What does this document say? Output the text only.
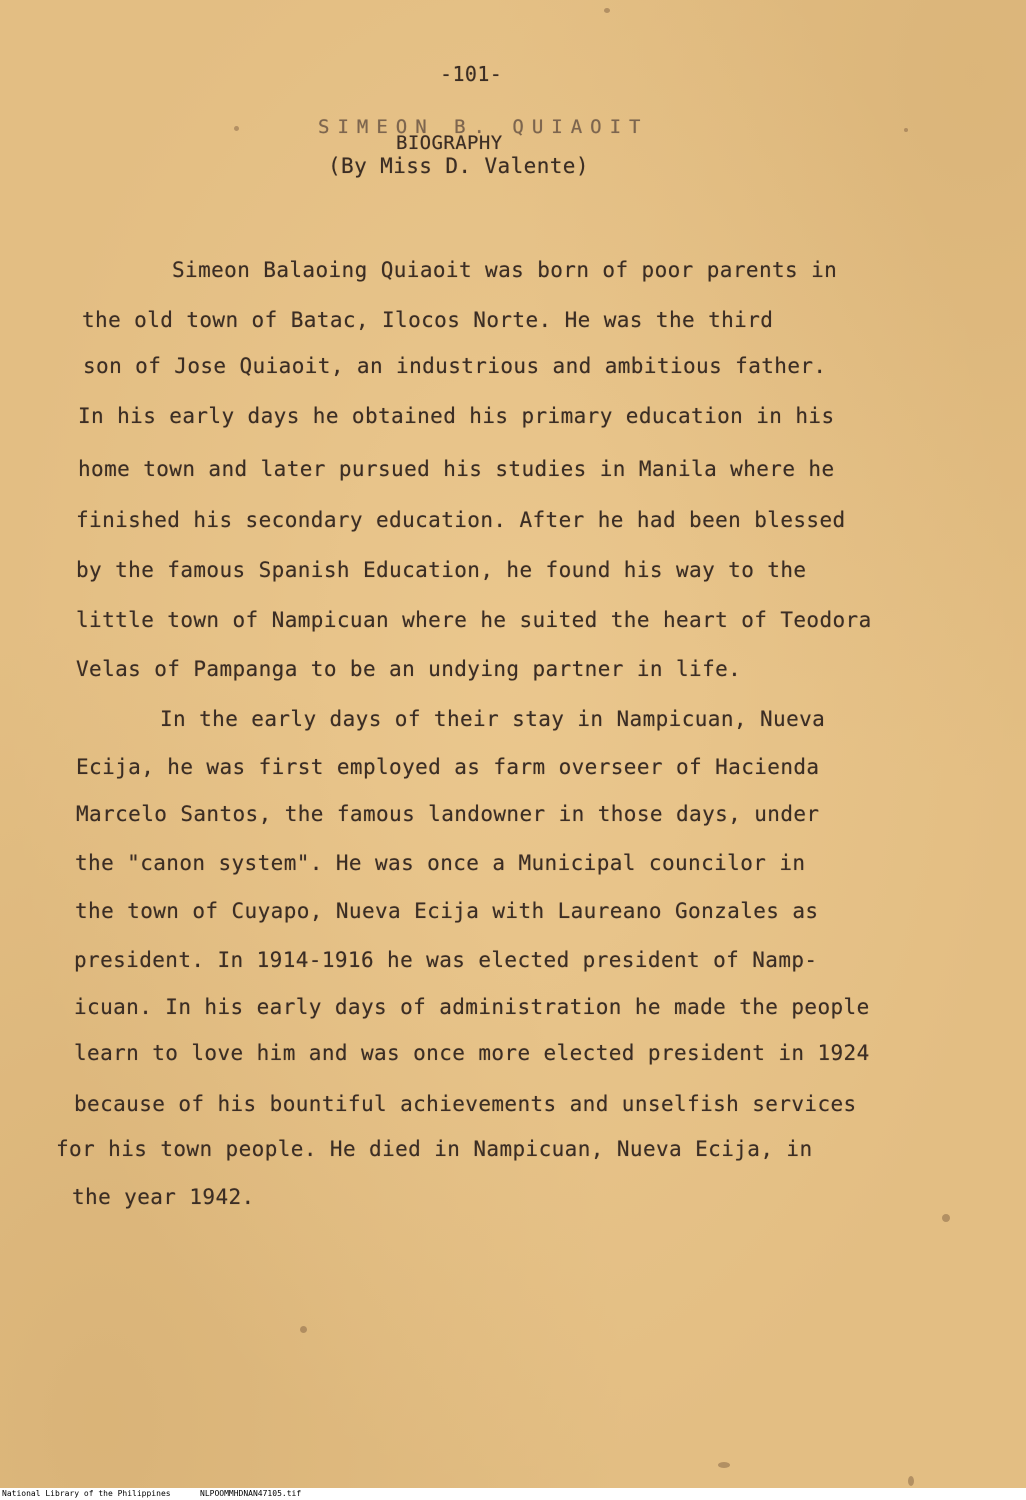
-101-
SIMEON B. QUIAOIT
BIOGRAPHY
(By Miss D. Valente)
Simeon Balaoing Quiaoit was born of poor parents in
the old town of Batac, Ilocos Norte. He was the third
son of Jose Quiaoit, an industrious and ambitious father.
In his early days he obtained his primary education in his
home town and later pursued his studies in Manila where he
finished his secondary education. After he had been blessed
by the famous Spanish Education, he found his way to the
little town of Nampicuan where he suited the heart of Teodora
Velas of Pampanga to be an undying partner in life.
In the early days of their stay in Nampicuan, Nueva
Ecija, he was first employed as farm overseer of Hacienda
Marcelo Santos, the famous landowner in those days, under
the "canon system". He was once a Municipal councilor in
the town of Cuyapo, Nueva Ecija with Laureano Gonzales as
president. In 1914-1916 he was elected president of Namp-
icuan. In his early days of administration he made the people
learn to love him and was once more elected president in 1924
because of his bountiful achievements and unselfish services
for his town people. He died in Nampicuan, Nueva Ecija, in
the year 1942.
National Library of the Philippines	NLPOOMMHDNAN47105.tif
